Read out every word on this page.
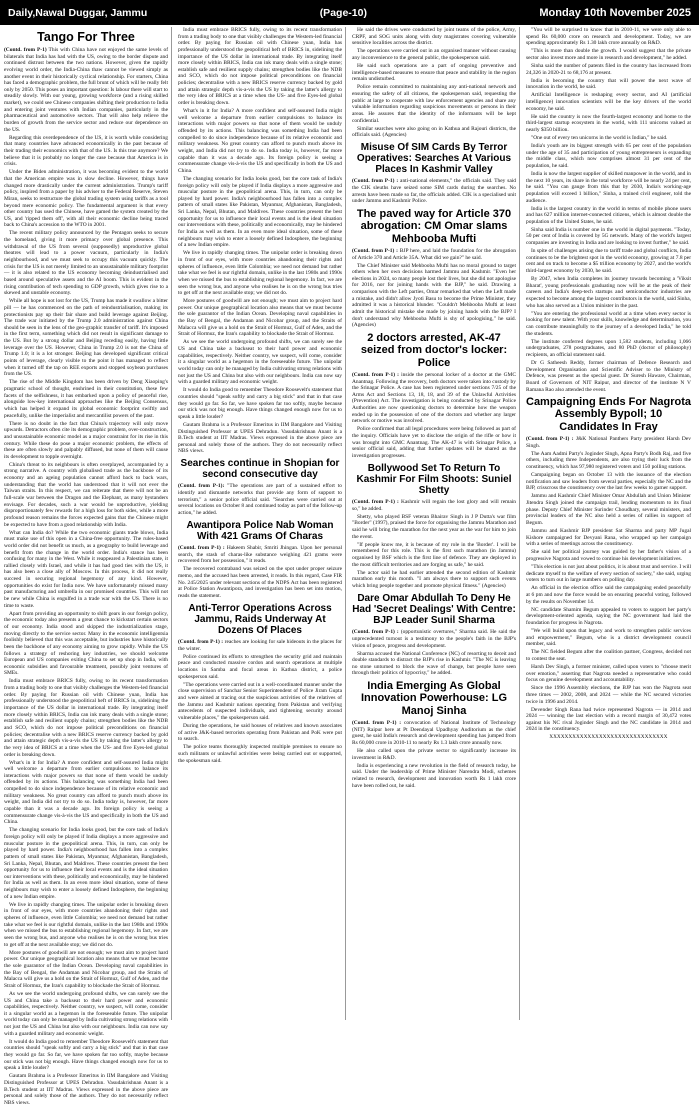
Daily,Nawal Duggar, Jammu	(Page-10)	Monday 10th November 2025
Tango For Three

(Contd. from P-1) This with China have not enjoyed the same levels of bilaterals that India has had with the US, owing to the border dispute and continued distrust between the two nations. However, given the rapidly evolving world order, the India-China thaw cannot be viewed simply as another event in their historically cyclical relationship. For starters, China has faced a demographic problem, the full brunt of which will be really felt only by 2050. This poses an important question: Is labour there will start to steadily slowly. With our young, growing workforce (and a rising skilled market), we could see Chinese companies shifting their production to India and entering joint ventures with Indian companies, particularly in the pharmaceutical and automotive sectors. That will also help relieve the burden of growth from the service sector and reduce our dependence on the US.

Regarding this overdependence of the US, it is worth while considering that many countries have advanced economically in the past because of their trading their economics with that of the US. Is this true anymore? We believe that it is probably no longer the case because that America is in crisis.

Under the Biden administration, it was becoming evident to the world that the American empire was in slow decline. However, things have changed more drastically under the current administration. Trump's tariff policy, inspired from a paper by his adviser to the Federal Reserve, Steven Miran, seeks to restructure the global trading system using tariffs as a tool beyond mere economic policy. The fundamental argument is that every other country has used the Chinese, have gamed the system created by the US, and 'ripped them off', with all their economic decline being traced back to China's accession to the WTO in 2001.

The recent military policy announced by the Pentagon seeks to secure the homeland, giving it more primacy over global presence. This withdrawal of the US from several (supposedly) unproductive global theatres will lead to a power vacuum, particularly in India's neighbourhood, and we must seek to occupy this vacuum quickly. The crisis for the US is not merely limited to an unsustainable military footprint — it is also related to the US economy becoming deindustrialised and based around speculative assets and the AI boom. This is evident in the rising contribution of tech spending to GDP growth, which gives rise to a skewed and unstable economy.

While all hope is not lost for the US, Trump has made it swallow a bitter pill — he has commenced on the path of reindustrialisation, making its protectionists pay up their fair share and build leverage against Beijing. The trade war initiated by the Trump 2.0 administration against China should be seen in the lens of the geo-graphic transfer of tariff. It's imposed in the first term, something which did not result in significant damage to the US. But by a strong dollar and Beijing receding easily, having little leverage over the US. However, China in Trump 2.0 is not the China of Trump 1.0; it is a lot stronger. Beijing has developed significant critical points of leverage, clearly visible to the point it has managed to reflect when it turned off the tap on REE exports and stopped soybean purchases from the US.

The rise of the Middle Kingdom has been driven by Deng Xiaoping's pragmatic school of thought, enshrined in their constitution, these few facets of the selfishness, it has embarked upon a policy of peaceful rise, alongside low-key international approaches like the Beijing Consensus, which has helped it expand its global economic footprint swiftly and peacefully, unlike the imperialist and mercantilist powers of the past.

There is no doubt in the fact that China's trajectory will only move upwards. Detractors often cite its demographic problem, over-construction, and unsustainable economic model as a major constraint for its rise in this century. While these do pose a major economic problem, the effects of these are often slowly and palpably diffused, but none of them will cause its development to topple overnight.

China's threat to its neighbours is often overplayed, accompanied by a strong narrative. A country with globalised trade as the backbone of its economy and an ageing population cannot afford back to back wars, understanding that the world has understood that it will not ever the Taiwan straits. In this respect, we can reiterate that there will not be an full-scale war between the Dragon and the Elephant, as many bystanders envisage. For decades, such a war would be unproductive, yielding disproportionately few rewards for a high loss for both sides, while a more profound reason remains the forces expected gains that the Chinese might be expected to have from a good relationship with India.

What can India do? While the two economic giants trade blows, India must make use of this open in a China-free opportunity. The rules-based world order did not benefit us much, as a geography to build leverage and benefit from the change in the world order. India's stance has been confusing for many in the West. While it reappeared a Palestinian state, it rallied closely with Israel, and while it has had good ties with the US, it has also been a close ally of Moscow. In this process, it did not really succeed in securing regional hegemony of any kind. However, opportunities do exist for India now. We have unfortunately missed many past manufacturing and umbrella in our promised countries. This will not be new while China is engulfed in a trade war with the US. There is no time to waste.

Apart from providing an opportunity to shift gears in our foreign policy, the economic today also presents a great chance to kickstart certain sectors of our economy. India stood and skipped the industrialization stage, moving directly to the service sector. Many in the economic intelligentsia foolishly believed that this was acceptable, but industries have historically been the backbone of any economy aiming to grow rapidly. While the US follows a strategy of reshoring key industries, we should welcome European and US companies exiting China to set up shop in India, with economic subsidies and favourable treatment, possibly joint ventures of SMEs.

India must embrace BRICS fully, owing to its recent transformation from a trading body to one that visibly challenges the Western-led financial order. By paying for Russian oil with Chinese yuan, India has professionally understood the geopolitical heft of BRICS in, sidelining the importance of the US dollar in international trade. By integrating itself more closely within BRICS, India can ink many deals with a single stone; establish safe and resilient supply chains; strengthen bodies like the NDB and SCO, which do not impose political preconditions on financial policies; decentralise with a new BRICS reserve currency backed by gold and attain strategic depth vis-a-vis the US by taking the latter's allergy to the very idea of BRICS at a time when the US- and five Eyes-led global order is breaking down.

What's in it for India? A more confident and self-assured India might well welcome a departure from earlier compulsions to balance its interactions with major powers so that none of them would be unduly offended by its actions. This balancing was something India had been compelled to do since independence because of its relative economic and military weakness. No great country can afford to punch much above its weight, and India did not try to do so. India today is, however, far more capable than it was a decade ago. Its foreign policy is seeing a commensurate change vis-à-vis the US and specifically in both the US and China.

The changing scenario for India looks good, but the core task of India's foreign policy will only be played if India displays a more aggressive and muscular posture in the geopolitical arena. This, in turn, can only be played by hard power. India's neighbourhood has fallen into a complex pattern of small states like Pakistan, Myanmar, Afghanistan, Bangladesh, Sri Lanka, Nepal, Bhutan, and Maldives. These countries present the best opportunity for us to influence their local events and is the ideal situation our interventions with these, politically and economically, may be hindered for India as well as them. In an even more ideal situation, some of these neighbours may wish to enter a loosely defined Indosphere, the beginning of a new Indian empire.

We live in rapidly changing times. The unipolar order is breaking down in front of our eyes, with more countries abandoning their rights and spheres of influence, even little Colombia; we need not demand but rather take what we feel is our rightful domain, unlike in the last 1980s and 1990s when we missed the bus to establishing regional hegemony. In fact, we are seen the wrong bus, and anyone who realises he is on the wrong bus tries to get off at the next available stop; we did not do.

More postures of goodwill are not enough; we must aim to project hard power. Our unique geographical location also means that we must become the sole guarantor of the Indian Ocean. Developing naval capabilities in the Bay of Bengal, the Andaman and Nicobar group, and the Straits of Malacca will give us a hold on the Strait of Hormuz, Gulf of Aden, and the Strait of Hormuz, the Iran's capability to blockade the Strait of Hormuz.

As we see the world undergoing profound shifts, we can surely see the US and China take a backseat to their hard power and economic capabilities, respectively. Neither country, we suspect, will come, consider it a singular world as a hegemon in the foreseeable future. The unipolar world today can only be managed by India cultivating strong relations with not just the US and China but also with our neighbours. India can now say with a guarded military and economic weight.

It would do India good to remember Theodore Roosevelt's statement that countries should "speak softly and carry a big stick" and that in that case they would go far. So far, we have spoken far too softly, maybe because our stick was not big enough. Have things changed enough now for us to speak a little louder?

Gautam Brahma is a Professor Emeritus in IIM Bangalore and Visiting Distinguished Professor at UPES Dehradun. Vasudakrishnan Anant is a B.Tech student at IIT Madras. Views expressed in the above piece are personal and solely those of the authors. They do not necessarily reflect NBS views.

India must embrace BRICS fully, owing to its recent transformation from a trading body to one that visibly challenges the Western-led financial order. By paying for Russian oil with Chinese yuan, India has professionally understood the geopolitical heft of BRICS in, sidelining the importance of the US dollar in international trade. By integrating itself more closely within BRICS, India can ink many deals with a single stone; establish safe and resilient supply chains; strengthen bodies like the NDB and SCO, which do not impose political preconditions on financial policies; decentralise with a new BRICS reserve currency backed by gold and attain strategic depth vis-a-vis the US by taking the latter's allergy to the very idea of BRICS at a time when the US- and five Eyes-led global order is breaking down.

What's in it for India? A more confident and self-assured India might well welcome a departure from earlier compulsions to balance its interactions with major powers so that none of them would be unduly offended by its actions. This balancing was something India had been compelled to do since independence because of its relative economic and military weakness. No great country can afford to punch much above its weight, and India did not try to do so. India today is, however, far more capable than it was a decade ago. Its foreign policy is seeing a commensurate change vis-à-vis the US and specifically in both the US and China.

The changing scenario for India looks good, but the core task of India's foreign policy will only be played if India displays a more aggressive and muscular posture in the geopolitical arena. This, in turn, can only be played by hard power. India's neighbourhood has fallen into a complex pattern of small states like Pakistan, Myanmar, Afghanistan, Bangladesh, Sri Lanka, Nepal, Bhutan, and Maldives. These countries present the best opportunity for us to influence their local events and is the ideal situation our interventions with these, politically and economically, may be hindered for India as well as them. In an even more ideal situation, some of these neighbours may wish to enter a loosely defined Indosphere, the beginning of a new Indian empire.

We live in rapidly changing times. The unipolar order is breaking down in front of our eyes, with more countries abandoning their rights and spheres of influence, even little Colombia; we need not demand but rather take what we feel is our rightful domain, unlike in the last 1980s and 1990s when we missed the bus to establishing regional hegemony. In fact, we are seen the wrong bus, and anyone who realises he is on the wrong bus tries to get off at the next available stop; we did not do.

More postures of goodwill are not enough; we must aim to project hard power. Our unique geographical location also means that we must become the sole guarantor of the Indian Ocean. Developing naval capabilities in the Bay of Bengal, the Andaman and Nicobar group, and the Straits of Malacca will give us a hold on the Strait of Hormuz, Gulf of Aden, and the Strait of Hormuz, the Iran's capability to blockade the Strait of Hormuz.

As we see the world undergoing profound shifts, we can surely see the US and China take a backseat to their hard power and economic capabilities, respectively. Neither country, we suspect, will come, consider it a singular world as a hegemon in the foreseeable future. The unipolar world today can only be managed by India cultivating strong relations with not just the US and China but also with our neighbours. India can now say with a guarded military and economic weight.

It would do India good to remember Theodore Roosevelt's statement that countries should "speak softly and carry a big stick" and that in that case they would go far. So far, we have spoken far too softly, maybe because our stick was not big enough. Have things changed enough now for us to speak a little louder?

Gautam Brahma is a Professor Emeritus in IIM Bangalore and Visiting Distinguished Professor at UPES Dehradun. Vasudakrishnan Anant is a B.Tech student at IIT Madras. Views expressed in the above piece are personal and solely those of the authors. They do not necessarily reflect NBS views.

Searches continue in Shopian for second consecutive day

(Contd. from P-1): "The operations are part of a sustained effort to identify and dismantle networks that provide any form of support to terrorism," a senior police official said. "Searches were carried out at several locations on October 8 and continued today as part of the follow-up action," he added.

Awantipora Police Nab Woman With 421 Grams Of Charas

(Contd. from P-1) : Hakeem Shabir, Smriti Jhingan. Upon her personal search, the stash of charas-like substance weighing 421 grams were recovered from her possession," it reads.

The recovered contraband was seized on the spot under proper seizure memo, and the accused has been arrested, it reads. In this regard, Case FIR No. 245/2025 under relevant sections of the NDPS Act has been registered at Police Station Awantipora, and investigation has been set into motion, reads the statement.

Anti-Terror Operations Across Jammu, Raids Underway At Dozens Of Places

(Contd. from P-1) : reaches are looking for sale hideouts in the places for the winter.

Police continued its efforts to strengthen the security grid and maintain peace and conducted massive cordon and search operations at multiple locations in Samba and focal areas in Kathua district, a police spokesperson said.

"The operations were carried out in a well-coordinated manner under the close supervision of Sanchar Senior Superintendent of Police Jiram Gupta and were aimed at tracing out the suspicious activities of the relatives of the Jammu and Kashmir nations operating from Pakistan and verifying antecedents of suspected individuals, and tightening security around vulnerable places," the spokesperson said.

During the operations, he said houses of relatives and known associates of active J&K-based terrorists operating from Pakistan and PoK were put to search.

The police teams thoroughly inspected multiple premises to ensure no such militants or unlawful activities were being carried out or supported, the spokesman said.

He said the drives were conducted by joint teams of the police, Army, CRPF, and SOG units along with duty magistrates covering vulnerable sensitive localities across the district.

The operations were carried out in an organised manner without causing any inconvenience to the general public, the spokesperson said.

He said such operations are a part of ongoing preventive and intelligence-based measures to ensure that peace and stability in the region remain undisturbed.

Police remain committed to maintaining any anti-national network and ensuring the safety of all citizens, the spokesperson said, requesting the public at large to cooperate with law enforcement agencies and share any valuable information regarding suspicious movements or persons in their areas. He assures that the identity of the informants will be kept confidential.

Similar searches were also going on in Kathua and Rajouri districts, the officials said. (Agencies)

Misuse Of SIM Cards By Terror Operatives: Searches At Various Places In Kashmir Valley

(Contd. from P-1) : anti-national elements," the officials said. They said the CIK sleuths have seized some SIM cards during the searches. No arrests have been made so far, the officials added. CIK is a specialised unit under Jammu and Kashmir Police.

The paved way for Article 370 abrogation: CM Omar slams Mehbooba Mufti

(Contd. from P-1) : BJP here, and laid the foundation for the abrogation of Article 370 and Article 35A. What did we gain?" he said.

The Chief Minister said Mehbooba Mufti has no moral ground to target others when her own decisions harmed Jammu and Kashmir. "Even her elections in 2024, so many people lost their lives, but she did not apologise for 2016, nor for joining hands with the BJP," he said. Drawing a comparison with the Left parties, Omar remarked that when the Left made a mistake, and didn't allow Jyoti Basu to become the Prime Minister, they admitted it was a historical blunder. "Couldn't Mehbooba Mufti at least admit the historical mistake she made by joining hands with the BJP? I don't understand why Mehbooba Mufti is shy of apologising," he said. (Agencies)

2 doctors arrested, AK-47 seized from doctor's locker: Police

(Contd. from P-1) : inside the personal locker of a doctor at the GMC Anantnag. Following the recovery, both doctors were taken into custody by the Srinagar Police. A case has been registered under sections 7/25 of the Arms Act and Sections 13, 18, 18, and 39 of the Unlawful Activities (Prevention) Act. The investigation is being conducted by Srinagar Police Authorities are now questioning doctors to determine how the weapon ended up in the possession of one of the doctors and whether any larger network or motive was involved.

Police confirmed that all legal procedures were being followed as part of the inquiry. Officials have yet to disclose the origin of the rifle or how it was brought into GMC Anantnag. The AK-47 is with Srinagar Police, a senior official said, adding that further updates will be shared as the investigation progresses.

Bollywood Set To Return To Kashmir For Film Shoots: Suniel Shetty

(Contd. from P-1) : Kashmir will regain the lost glory and will remain so," he added.

Shetty, who played BSF veteran Bhairav Singh in J P Dutta's war film "Border" (1997), praised the force for organising the Jammu Marathon and said he will bring the marathon for the next year as the war for him to join the event.

"If people know me, it is because of my role in the 'Border'. I will be remembered for this role. This is the first such marathon (in Jammu) organised by BSF which is the first line of defence. They are deployed in the most difficult territories and are forging us safe," he said.

The actor said he had earlier attended the second edition of Kashmir marathon early this month. "I am always there to support such events which bring people together and promote physical fitness." (Agencies)

Dare Omar Abdullah To Deny He Had 'Secret Dealings' With Centre: BJP Leader Sunil Sharma

(Contd. from P-1) : (opportunistic overtures," Sharma said. He said the unprecedented turnout is a testimony to the people's faith in the BJP's vision of peace, progress and development.

Sharma accused the National Conference (NC) of resorting to deceit and double standards to distract the BJP's rise in Kashmir. "The NC is leaving no stone unturned to block the wave of change, but people have seen through their politics of hypocrisy," he added.

India Emerging As Global Innovation Powerhouse: LG Manoj Sinha

(Contd. from P-1) : convocation of National Institute of Technology (NIT) Raipur here at Pt Deendayal Upadhyay Auditorium as the chief guest, he said India's research and development spending has jumped from Rs 60,000 crore in 2010-11 to nearly Rs 1.3 lakh crore annually now.

He also called upon the private sector to significantly increase its investment in R&D.

India is experiencing a new revolution in the field of research today, he said. Under the leadership of Prime Minister Narendra Modi, schemes related to research, development and innovation worth Rs 1 lakh crore have been rolled out, he said.

"You will be surprised to know that in 2010-11, we were only able to spend Rs 60,000 crore on research and development. Today, we are spending approximately Rs 1.30 lakh crore annually on R&D.

"This is more than double the growth. I would suggest that the private sector also invest more and more in research and development," he added.

Sinha said the number of patents filed in the country has increased from 24,326 in 2020-21 to 68,176 at present.

India is becoming the country that will power the next wave of innovation in the world, he said.

Artificial Intelligence is reshaping every sector, and AI (artificial intelligence) innovation scientists will be the key drivers of the world economy, he said.

He said the country is now the fourth-largest economy and home to the third-largest startup ecosystem in the world, with 111 unicorns valued at nearly $350 billion.

"One out of every ten unicorns in the world is Indian," he said.

India's youth are its biggest strength with 65 per cent of the population under the age of 35 and participation of young entrepreneurs is expanding the middle class, which now comprises almost 31 per cent of the population, he said.

India is now the largest supplier of skilled manpower in the world, and in the next 10 years, its share in the total workforce will be nearly 24 per cent, he said. "You can gauge from this that by 2030, India's working-age population will exceed 1 billion," Sinha, a trained civil engineer, told the audience.

India is the largest country in the world in terms of mobile phone users and has 627 million internet-connected citizens, which is almost double the population of the United States, he said.

Sinha said India is number one in the world in digital payments. "Today, 50 per cent of India is covered by 5G network. Many of the world's largest companies are investing in India and are looking to invest further," he said.

In spite of challenges arising due to tariff trade and global conflicts, India continues to be the brightest spot in the world economy, growing at 7.8 per cent and on track to become a $5 trillion economy by 2027, and the world's third-largest economy by 2030, he said.

By 2047, when India completes its journey towards becoming a 'Viksit Bharat', young professionals graduating now will be at the peak of their careers and India's deep-tech startups and semiconductor industries are expected to become among the largest contributors in the world, said Sinha, who has also served as a Union minister in the past.

"You are entering the professional world at a time when every sector is looking for new talent. With your skills, knowledge and determination, you can contribute meaningfully to the journey of a developed India," he told the students.

The institute conferred degrees upon 1,582 students, including 1,066 undergraduates, 278 postgraduates, and 80 PhD (doctor of philosophy) recipients, an official statement said.

Dr G Satheesh Reddy, former chairman of Defence Research and Development Organisation and Scientific Adviser to the Ministry of Defence, was present as the special guest. Dr Suresh Haware, Chairman, Board of Governors of NIT Raipur, and director of the institute N V Ramana Rao also attended the event.

Campaigning Ends For Nagrota Assembly Bypoll; 10 Candidates In Fray

(Contd. from P-1) : J&K National Panthers Party president Harsh Dev Singh.

The Aam Aadmi Party's Joginder Singh, Apna Party's Bodh Raj, and five others, including three Independents, are also trying their luck from the constituency, which has 97,980 registered voters and 150 polling stations.

Campaigning began on October 13 with the issuance of the election notification and saw leaders from several parties, especially the NC and the BJP, crisscross the constituency over the last few weeks to garner support.

Jammu and Kashmir Chief Minister Omar Abdullah and Union Minister Jitendra Singh joined the campaign trail, lending momentum to its final phase. Deputy Chief Minister Surinder Choudhary, several ministers, and provincial leaders of the NC also held a series of rallies in support of Begum.

Jammu and Kashmir BJP president Sat Sharma and party MP Jugal Kishore campaigned for Devyani Rana, who wrapped up her campaign with a series of meetings across the constituency.

She said her political journey was guided by her father's vision of a progressive Nagrota and vowed to continue his development initiatives.

"This election is not just about politics, it is about trust and service. I will dedicate myself to the welfare of every section of society," she said, urging voters to turn out in large numbers on polling day.

An official in the election office said the campaigning ended peacefully at 6 pm and now the force would be on ensuring peaceful voting, followed by the results on November 14.

NC candidate Shamim Begum appealed to voters to support her party's development-oriented agenda, saying the NC government had laid the foundation for progress in Nagrota.

"We will build upon that legacy and work to strengthen public services and empowerment," Begum, who is a district development council member, said.

The NC fielded Begum after the coalition partner, Congress, decided not to contest the seat.

Harsh Dev Singh, a former minister, called upon voters to "choose merit over emotion," asserting that Nagrota needed a representative who could focus on genuine development and accountability.

Since the 1996 Assembly elections, the BJP has won the Nagrota seat three times — 2002, 2008, and 2024 — while the NC secured victories twice in 1996 and 2014.

Devender Singh Rana had twice represented Nagrota — in 2014 and 2024 — winning the last election with a record margin of 30,472 votes against his NC rival Joginder Singh and the NC candidate in 2014 and 2024 in the constituency.

XXXXXXXXXXXXXXXXXXXXXXXXXXXXXXX
